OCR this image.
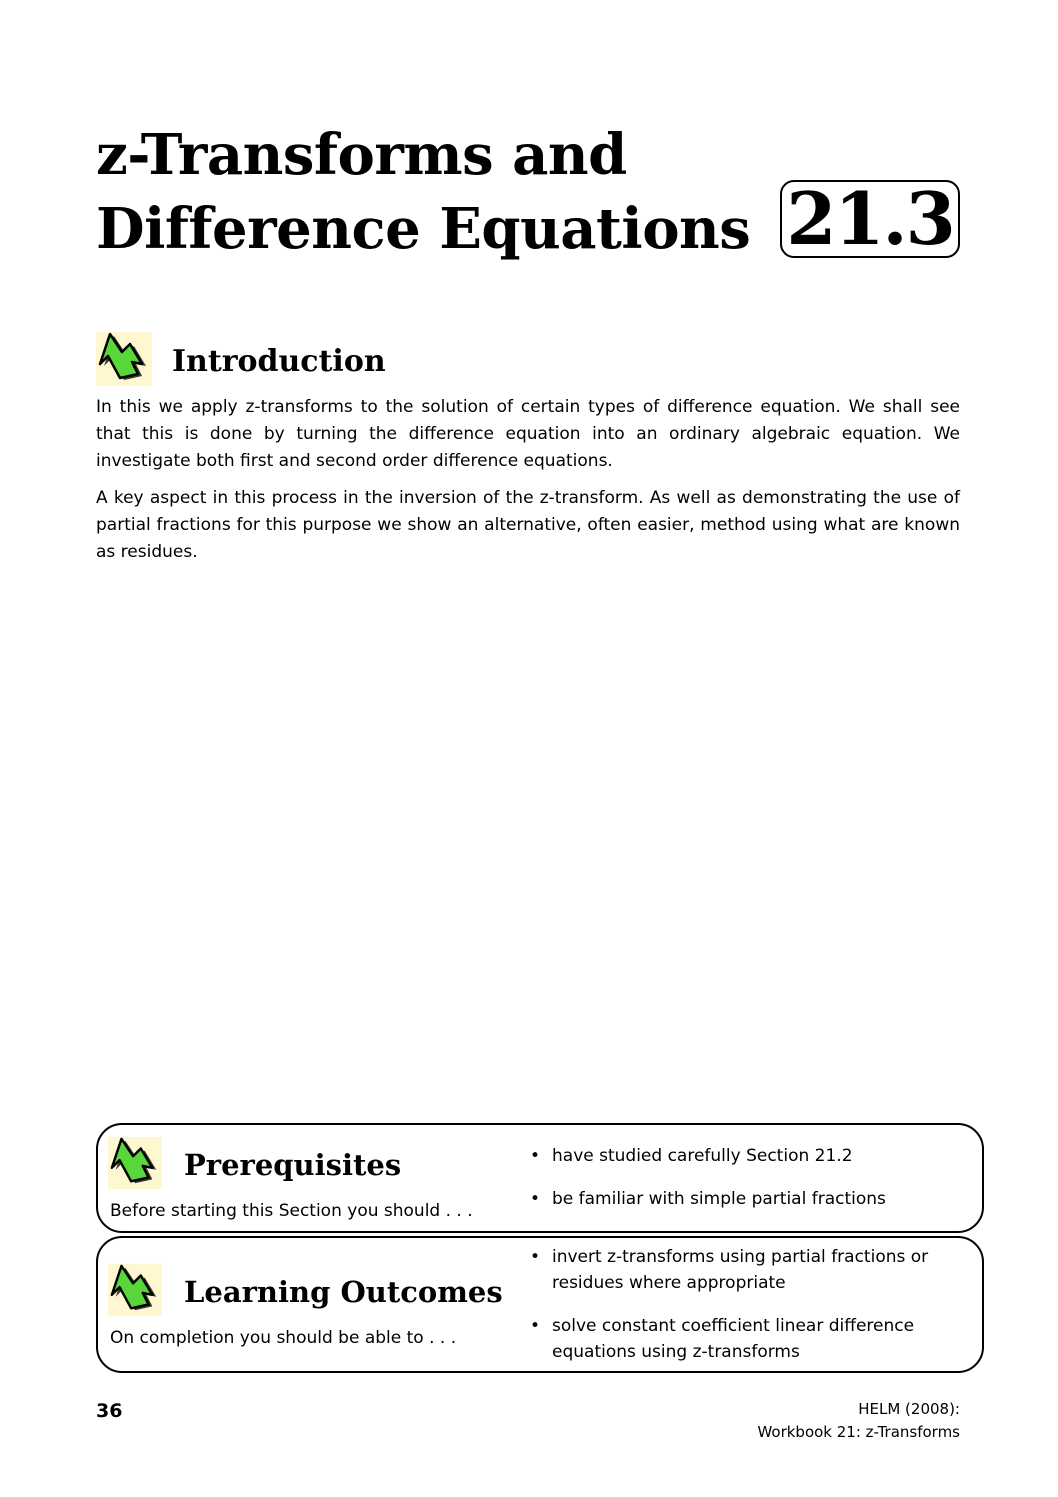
z-Transforms and
Difference Equations 21.3
Introduction

In this we apply z-transforms to the solution of certain types of difference equation. We shall see that this is done by turning the difference equation into an ordinary algebraic equation. We investigate both first and second order difference equations.

A key aspect in this process in the inversion of the z-transform. As well as demonstrating the use of partial fractions for this purpose we show an alternative, often easier, method using what are known as residues.

Prerequisites
Before starting this Section you should . . .
• have studied carefully Section 21.2
• be familiar with simple partial fractions
Learning Outcomes
On completion you should be able to . . .
• invert z-transforms using partial fractions or residues where appropriate
• solve constant coefficient linear difference equations using z-transforms
36	HELM (2008):
Workbook 21: z-Transforms
